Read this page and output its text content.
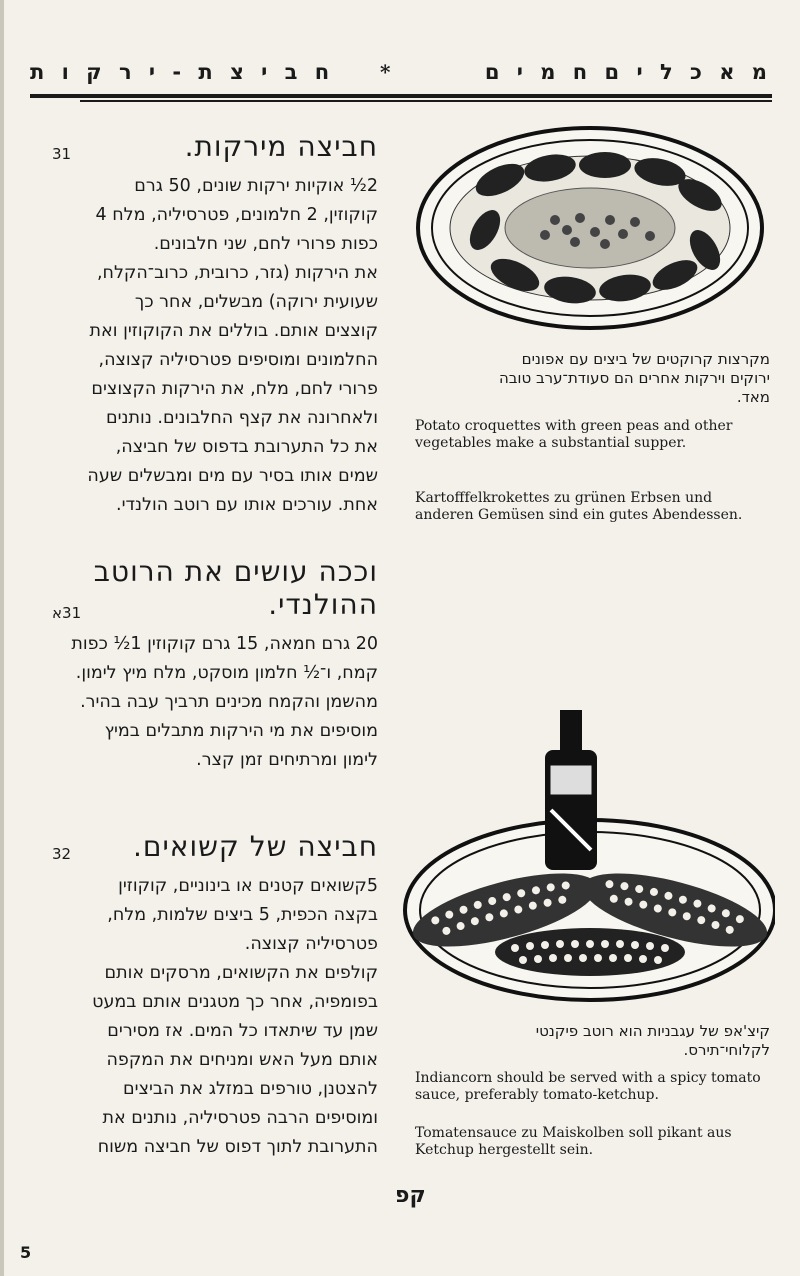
מ א כ ל י ם ח מ י ם
*
ח ב י צ ת - י ר ק ו ת
31	חביצה מירקות.
2½ אוקיות ירקות שונים, 50 גרם
קוקוזין, 2 חלמונים, פטרסיליה, מלח 4
כפות פרורי לחם, שני חלבונים.
את הירקות (גזר, כרובית, כרוב־הקלח,
שעועית ירוקה) מבשלים, אחר כך
קוצצים אותם. בוללים את הקוקוזין ואת
החלמונים ומוסיפים פטרסיליה קצוצה,
פרורי לחם, מלח, את הירקות הקצוצים
ולאחרונה את קצף החלבונים. נותנים
את כל התערובת בדפוס של חביצה,
שמים אותו בסיר עם מים ומבשלים שעה
אחת. עורכים אותו עם רוטב הולנדי.
וככה עושים את הרוטב
ההולנדי.
31א
20 גרם חמאה, 15 גרם קוקוזין 1½ כפות
קמח, ו־½ חלמון מוסקט, מלח מיץ לימון.
מהשמן והקמח מכינים תרביך עבה בהיר.
מוסיפים את מי הירקות מתבלים במיץ
לימון ומרתיחים זמן קצר.
32	חביצה של קשואים.
5קשואים קטנים או בינוניים, קוקוזין
בקצה הכפית, 5 ביצים שלמות, מלח,
פטרסיליה קצוצה.
קולפים את הקשואים, מרסקים אותם
בפומפיה, אחר כך מטגנים אותם במעט
שמן עד שיתאדו כל המים. אז מסירים
אותם מעל האש ומניחים את המקפה
להצטנן, טורפים במזלג את הביצים
ומוסיפים הרבה פטרסיליה, נותנים את
התערובת לתוך דפוס של חביצה משוח
מקרצות קרוקטים של ביצים עם אפונים
ירוקים וירקות אחרים הם סעודת־ערב טובה
מאד.
Potato croquettes with green peas and other vegetables make a substantial supper.
Kartofffelkrokettes zu grünen Erbsen und anderen Gemüsen sind ein gutes Abendessen.
קיצ'אפ של עגבניות הוא רוטב פיקנטי
לקלוחי־תירס.
Indiancorn should be served with a spicy tomato sauce, preferably tomato-ketchup.
Tomatensauce zu Maiskolben soll pikant aus Ketchup hergestellt sein.
קפ
5
